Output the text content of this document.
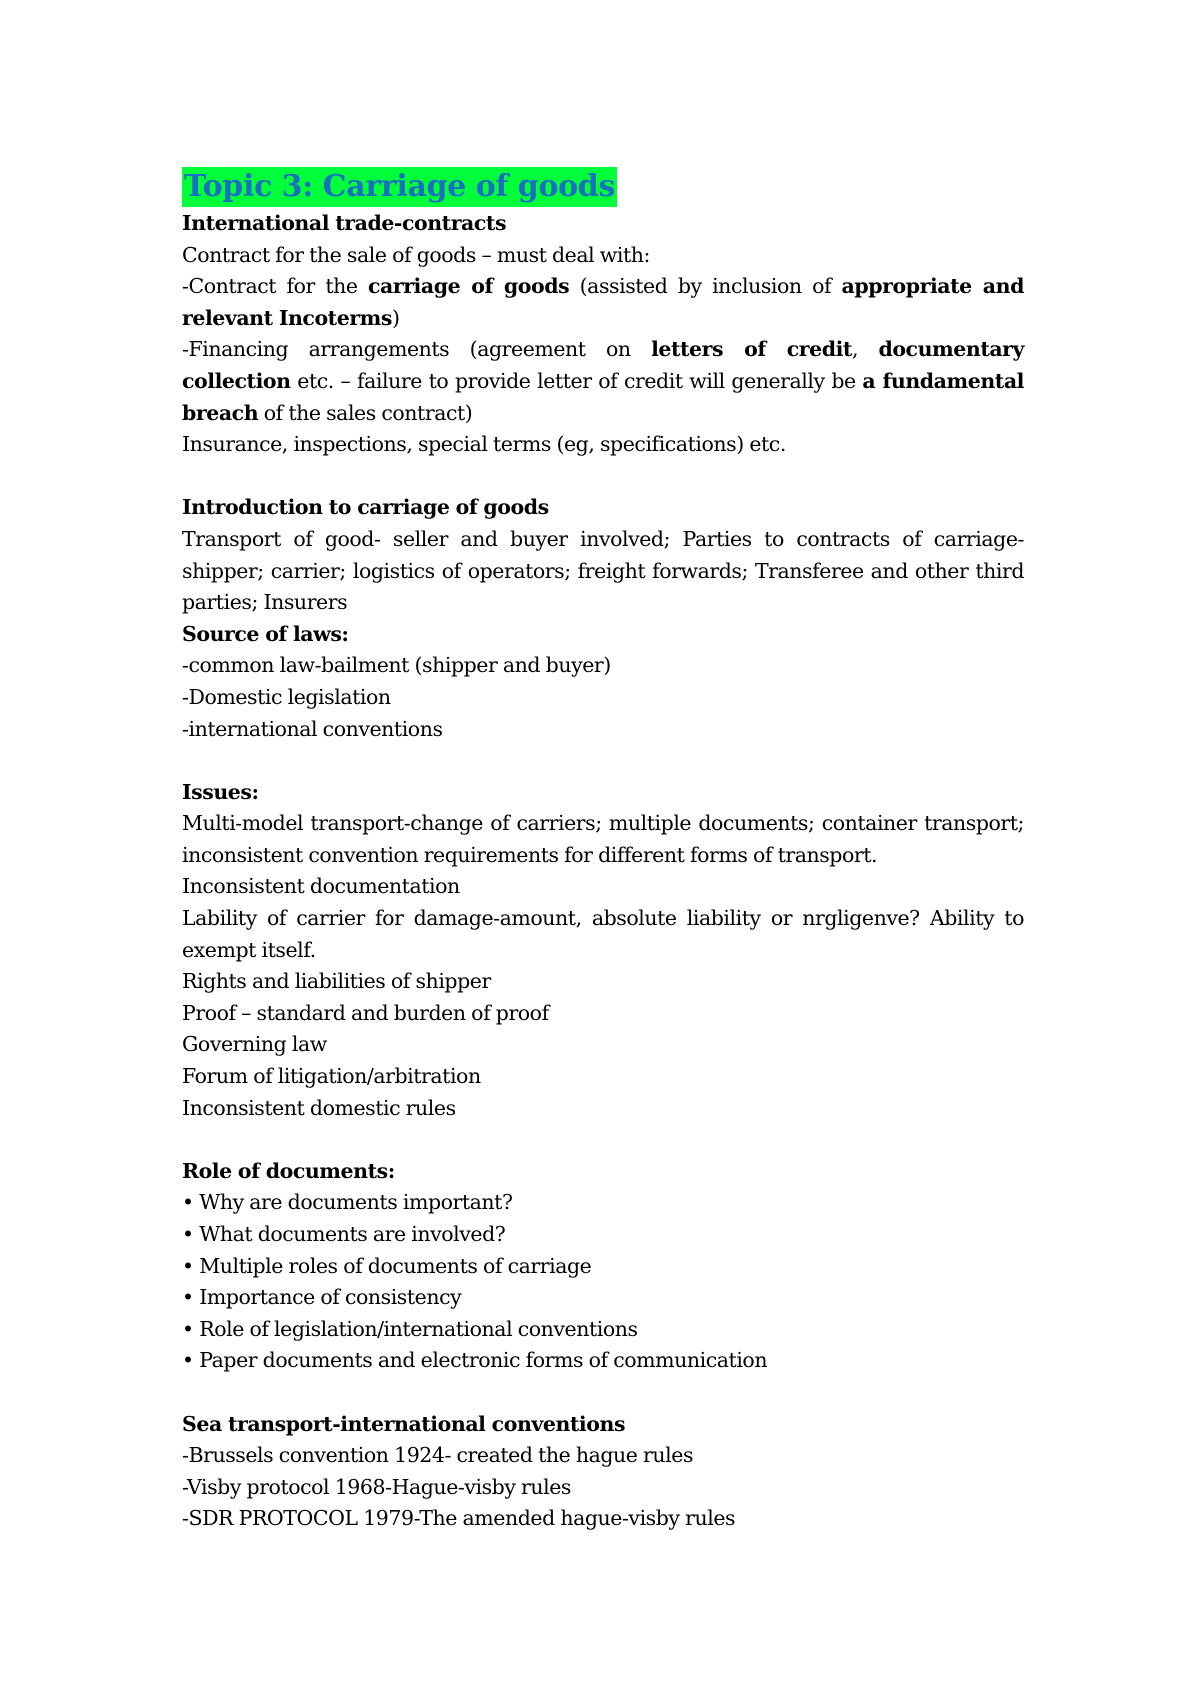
Topic 3: Carriage of goods
International trade-contracts
Contract for the sale of goods – must deal with:
-Contract for the carriage of goods (assisted by inclusion of appropriate and relevant Incoterms)
-Financing arrangements (agreement on letters of credit, documentary collection etc. – failure to provide letter of credit will generally be a fundamental breach of the sales contract)
Insurance, inspections, special terms (eg, specifications) etc.
Introduction to carriage of goods
Transport of good- seller and buyer involved; Parties to contracts of carriage-shipper; carrier; logistics of operators; freight forwards; Transferee and other third parties; Insurers
Source of laws:
-common law-bailment (shipper and buyer)
-Domestic legislation
-international conventions
Issues:
Multi-model transport-change of carriers; multiple documents; container transport; inconsistent convention requirements for different forms of transport.
Inconsistent documentation
Lability of carrier for damage-amount, absolute liability or nrgligenve? Ability to exempt itself.
Rights and liabilities of shipper
Proof – standard and burden of proof
Governing law
Forum of litigation/arbitration
Inconsistent domestic rules
Role of documents:
• Why are documents important?
• What documents are involved?
• Multiple roles of documents of carriage
• Importance of consistency
• Role of legislation/international conventions
• Paper documents and electronic forms of communication
Sea transport-international conventions
-Brussels convention 1924- created the hague rules
-Visby protocol 1968-Hague-visby rules
-SDR PROTOCOL 1979-The amended hague-visby rules
